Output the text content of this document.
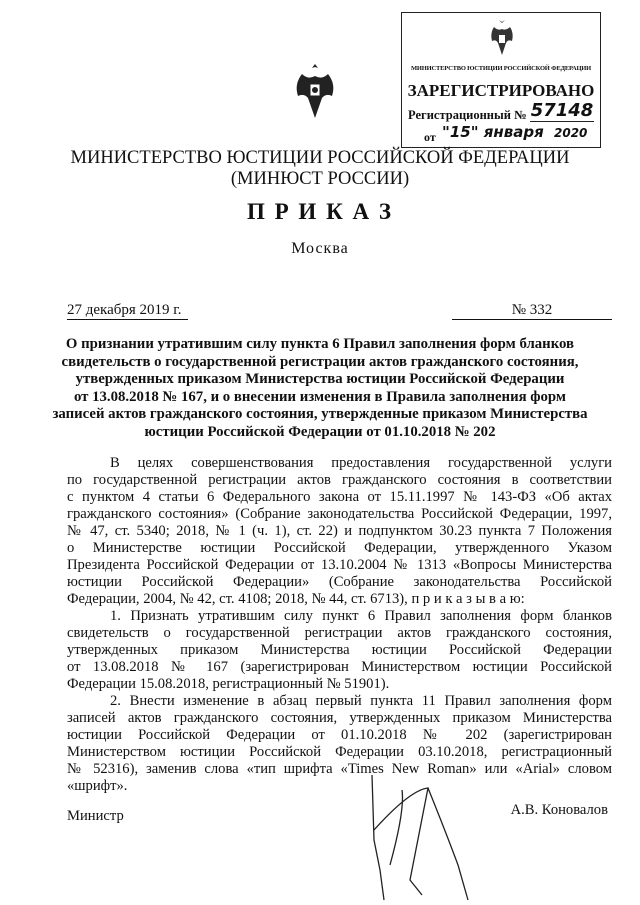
МИНИСТЕРСТВО ЮСТИЦИИ РОССИЙСКОЙ ФЕДЕРАЦИИ
ЗАРЕГИСТРИРОВАНО
Регистрационный № 57148
от "15" января 2020
МИНИСТЕРСТВО ЮСТИЦИИ РОССИЙСКОЙ ФЕДЕРАЦИИ
(МИНЮСТ РОССИИ)
П Р И К А З
Москва
27 декабря 2019 г.	№ 332
О признании утратившим силу пункта 6 Правил заполнения форм бланков
свидетельств о государственной регистрации актов гражданского состояния,
утвержденных приказом Министерства юстиции Российской Федерации
от 13.08.2018 № 167, и о внесении изменения в Правила заполнения форм
записей актов гражданского состояния, утвержденные приказом Министерства
юстиции Российской Федерации от 01.10.2018 № 202
В целях совершенствования предоставления государственной услуги
по государственной регистрации актов гражданского состояния в соответствии
с пунктом 4 статьи 6 Федерального закона от 15.11.1997 № 143-ФЗ «Об актах
гражданского состояния» (Собрание законодательства Российской Федерации, 1997,
№ 47, ст. 5340; 2018, № 1 (ч. 1), ст. 22) и подпунктом 30.23 пункта 7 Положения
о Министерстве юстиции Российской Федерации, утвержденного Указом
Президента Российской Федерации от 13.10.2004 № 1313 «Вопросы Министерства
юстиции Российской Федерации» (Собрание законодательства Российской
Федерации, 2004, № 42, ст. 4108; 2018, № 44, ст. 6713), п р и к а з ы в а ю:
1. Признать утратившим силу пункт 6 Правил заполнения форм бланков
свидетельств о государственной регистрации актов гражданского состояния,
утвержденных приказом Министерства юстиции Российской Федерации
от 13.08.2018 № 167 (зарегистрирован Министерством юстиции Российской
Федерации 15.08.2018, регистрационный № 51901).
2. Внести изменение в абзац первый пункта 11 Правил заполнения форм
записей актов гражданского состояния, утвержденных приказом Министерства
юстиции Российской Федерации от 01.10.2018 № 202 (зарегистрирован
Министерством юстиции Российской Федерации 03.10.2018, регистрационный
№ 52316), заменив слова «тип шрифта «Times New Roman» или «Arial» словом
«шрифт».
Министр	А.В. Коновалов
